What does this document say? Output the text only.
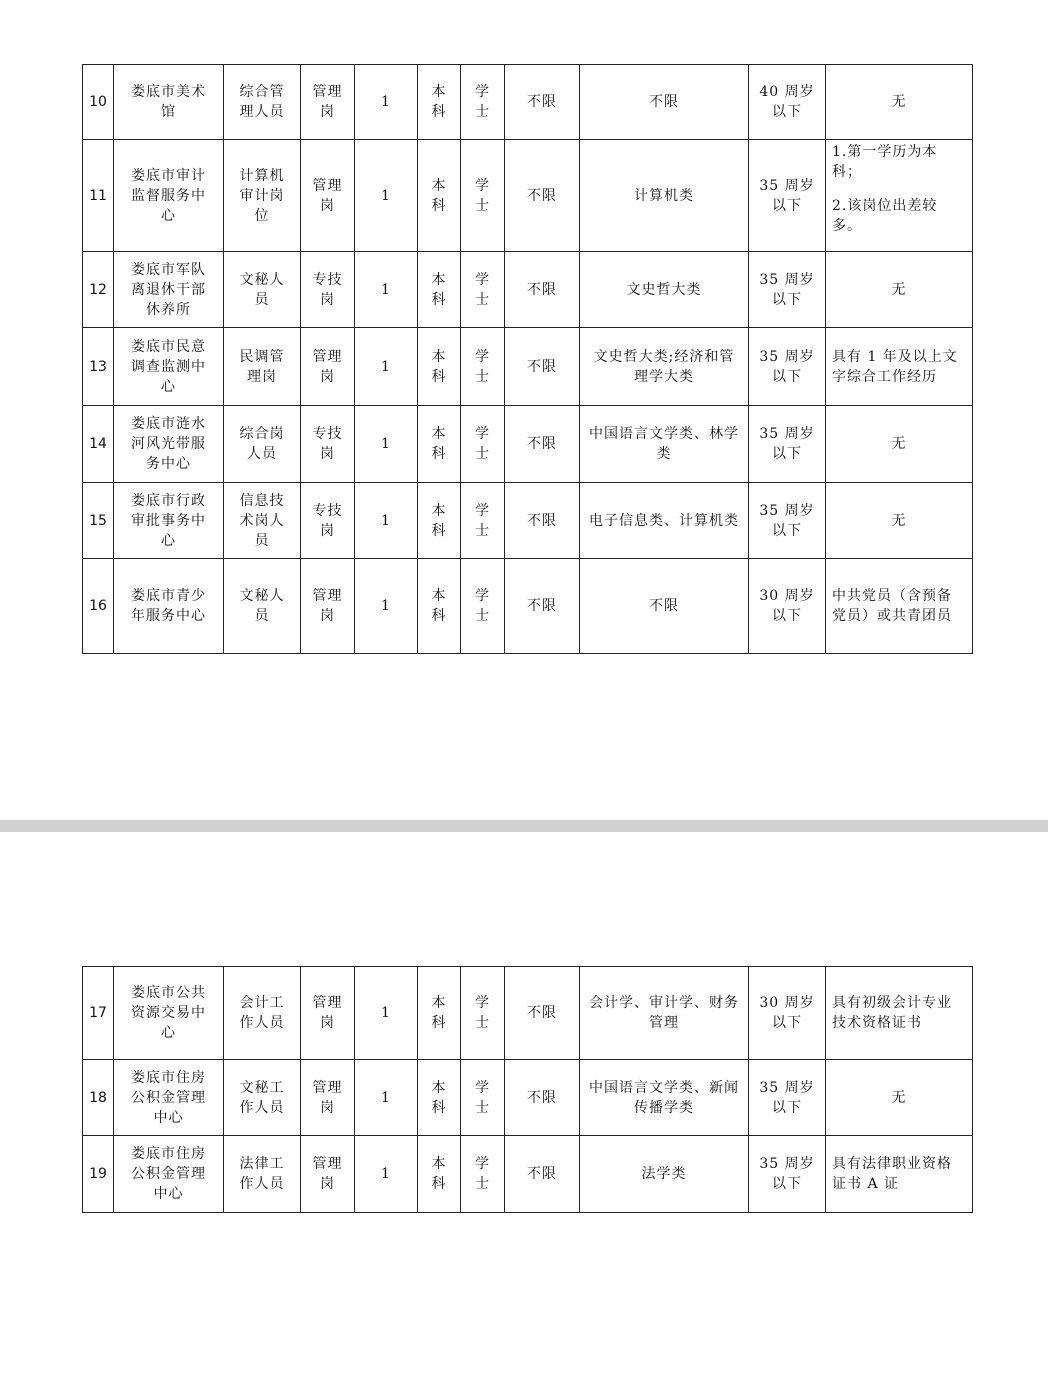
10	娄底市美术馆	综合管理人员	管理岗	1	本科	学士	不限	不限	40 周岁以下	无
11	娄底市审计监督服务中心	计算机审计岗位	管理岗	1	本科	学士	不限	计算机类	35 周岁以下	1.第一学历为本科；
2.该岗位出差较多。

12	娄底市军队离退休干部休养所	文秘人员	专技岗	1	本科	学士	不限	文史哲大类	35 周岁以下	无
13	娄底市民意调查监测中心	民调管理岗	管理岗	1	本科	学士	不限	文史哲大类;经济和管理学大类	35 周岁以下	具有 1 年及以上文字综合工作经历
14	娄底市涟水河风光带服务中心	综合岗人员	专技岗	1	本科	学士	不限	中国语言文学类、林学类	35 周岁以下	无
15	娄底市行政审批事务中心	信息技术岗人员	专技岗	1	本科	学士	不限	电子信息类、计算机类	35 周岁以下	无
16	娄底市青少年服务中心	文秘人员	管理岗	1	本科	学士	不限	不限	30 周岁以下	中共党员（含预备党员）或共青团员
17	娄底市公共资源交易中心	会计工作人员	管理岗	1	本科	学士	不限	会计学、审计学、财务管理	30 周岁以下	具有初级会计专业技术资格证书
18	娄底市住房公积金管理中心	文秘工作人员	管理岗	1	本科	学士	不限	中国语言文学类、新闻传播学类	35 周岁以下	无
19	娄底市住房公积金管理中心	法律工作人员	管理岗	1	本科	学士	不限	法学类	35 周岁以下	具有法律职业资格证书 A 证
